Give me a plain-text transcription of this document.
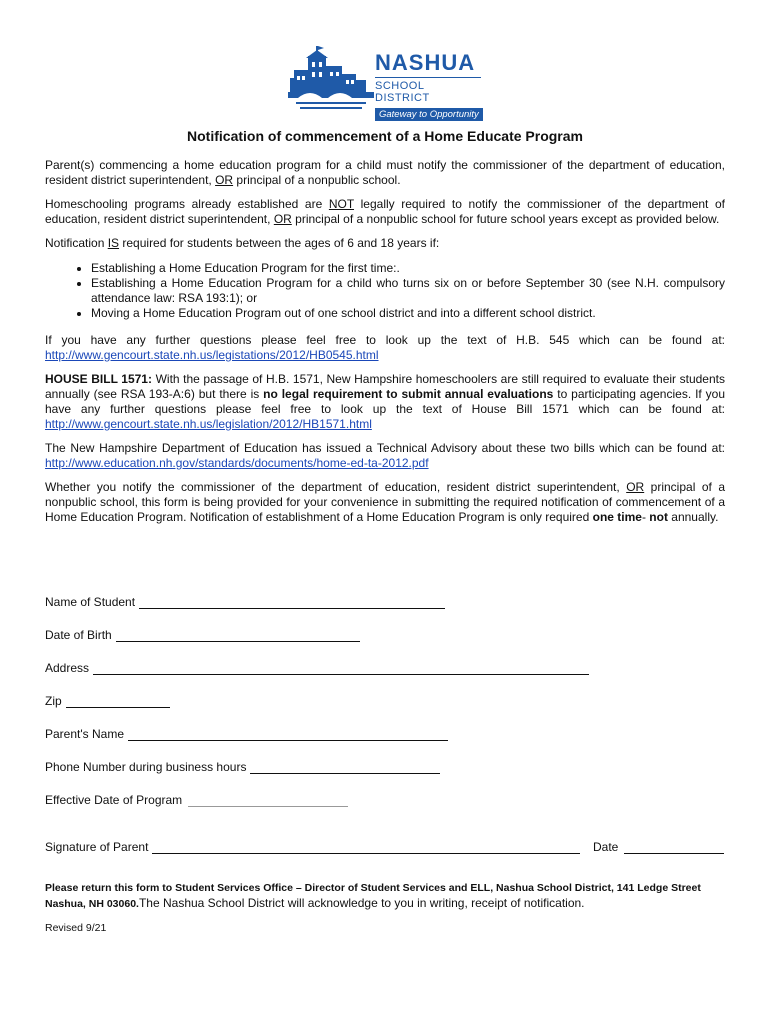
NASHUA
SCHOOL DISTRICT
Gateway to Opportunity
Notification of commencement of a Home Educate Program

Parent(s) commencing a home education program for a child must notify the commissioner of the department of education, resident district superintendent, OR principal of a nonpublic school.

Homeschooling programs already established are NOT legally required to notify the commissioner of the department of education, resident district superintendent, OR principal of a nonpublic school for future school years except as provided below.

Notification IS required for students between the ages of 6 and 18 years if:

• Establishing a Home Education Program for the first time:.
• Establishing a Home Education Program for a child who turns six on or before September 30 (see N.H. compulsory attendance law: RSA 193:1); or
• Moving a Home Education Program out of one school district and into a different school district.

If you have any further questions please feel free to look up the text of H.B. 545 which can be found at: http://www.gencourt.state.nh.us/legistations/2012/HB0545.html

HOUSE BILL 1571: With the passage of H.B. 1571, New Hampshire homeschoolers are still required to evaluate their students annually (see RSA 193-A:6) but there is no legal requirement to submit annual evaluations to participating agencies. If you have any further questions please feel free to look up the text of House Bill 1571 which can be found at: http://www.gencourt.state.nh.us/legislation/2012/HB1571.html

The New Hampshire Department of Education has issued a Technical Advisory about these two bills which can be found at: http://www.education.nh.gov/standards/documents/home-ed-ta-2012.pdf

Whether you notify the commissioner of the department of education, resident district superintendent, OR principal of a nonpublic school, this form is being provided for your convenience in submitting the required notification of commencement of a Home Education Program. Notification of establishment of a Home Education Program is only required one time- not annually.

Name of Student
Date of Birth
Address
Zip
Parent's Name
Phone Number during business hours
Effective Date of Program
Signature of Parent	Date
Please return this form to Student Services Office – Director of Student Services and ELL, Nashua School District, 141 Ledge Street Nashua, NH 03060.The Nashua School District will acknowledge to you in writing, receipt of notification.
Revised 9/21
